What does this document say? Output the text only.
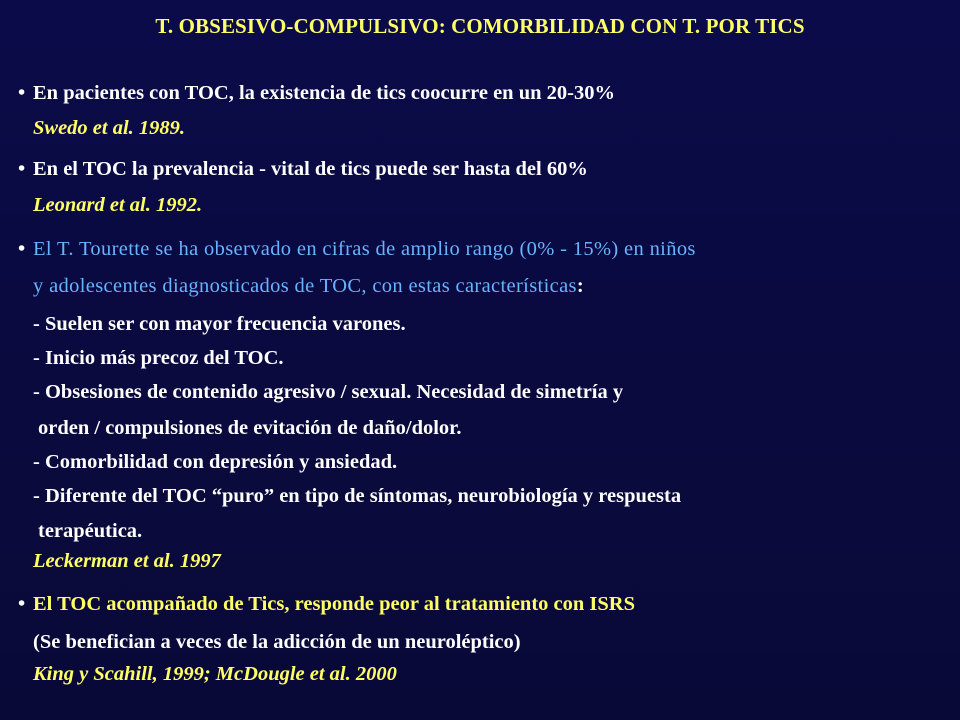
T. OBSESIVO-COMPULSIVO: COMORBILIDAD CON T. POR TICS
• En pacientes con TOC, la existencia de tics coocurre en un 20-30%
Swedo et al. 1989.
• En el TOC la prevalencia - vital de tics puede ser hasta del 60%
Leonard et al. 1992.
• El T. Tourette se ha observado en cifras de amplio rango (0% - 15%) en niños
y adolescentes diagnosticados de TOC, con estas características:
- Suelen ser con mayor frecuencia varones.
- Inicio más precoz del TOC.
- Obsesiones de contenido agresivo / sexual. Necesidad de simetría y
orden / compulsiones de evitación de daño/dolor.
- Comorbilidad con depresión y ansiedad.
- Diferente del TOC “puro” en tipo de síntomas, neurobiología y respuesta
terapéutica.
Leckerman et al. 1997
• El TOC acompañado de Tics, responde peor al tratamiento con ISRS
(Se benefician a veces de la adicción de un neuroléptico)
King y Scahill, 1999; McDougle et al. 2000
